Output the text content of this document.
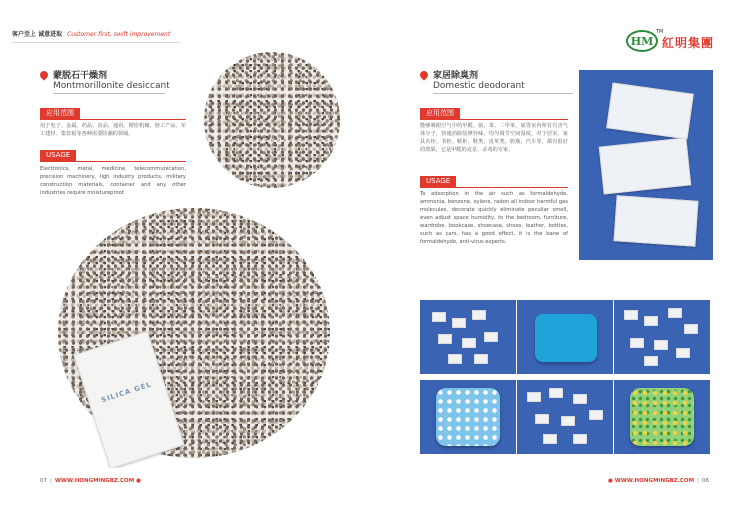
客户至上 诚意进取 Customer first, swift improvement
HM
TM
紅明集團
蒙脱石干燥剂
Montmorillonite desiccant
应用范围
用于电子、金属、药品、食品、通讯、精密机械、轻工产品、军工建材、集装箱等各种需要防潮的领域。
USAGE
Electronics, metal, medicine, telecommunication, precision machinery, ligh industry products, military construction materials, container and any other industries require moistureproof.
SILICA GEL
家居除臭剂
Domestic deodorant
应用范围
能够吸附空气中的甲醛、氨、苯、二甲苯、氡等室内所有有害气体分子，快速消除装修异味，均匀调节空间湿度，对于居室、家具衣柜、书柜、鞋柜、鞋类、皮革类、奶瓶、汽车等，都有很好的效果，它是甲醛的克星、杀毒的专家。
USAGE
To adsorption in the air such as formaldehyde, ammonia, benzene, xylene, radon all indoor harmful gas molecules, decorate quickly eliminate peculiar smell, even adjust space humidity, to the bedroom, furniture, wardrobe, bookcase, shoecase, shoes, leather, bottles, such as cars, has a good effect, it is the bane of formaldehyde, anti-virus experts.
07 | WWW.HONGMINGBZ.COM ●	● WWW.HONGMINGBZ.COM | 08
